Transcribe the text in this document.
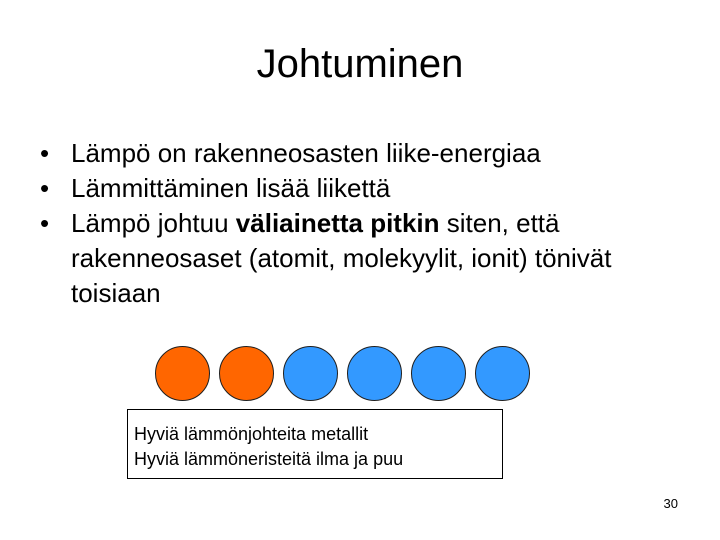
Johtuminen
• Lämpö on rakenneosasten liike-energiaa
• Lämmittäminen lisää liikettä
• Lämpö johtuu väliainetta pitkin siten, että rakenneosaset (atomit, molekyylit, ionit) tönivät toisiaan
Hyviä lämmönjohteita metallit
Hyviä lämmöneristeitä ilma ja puu
30
